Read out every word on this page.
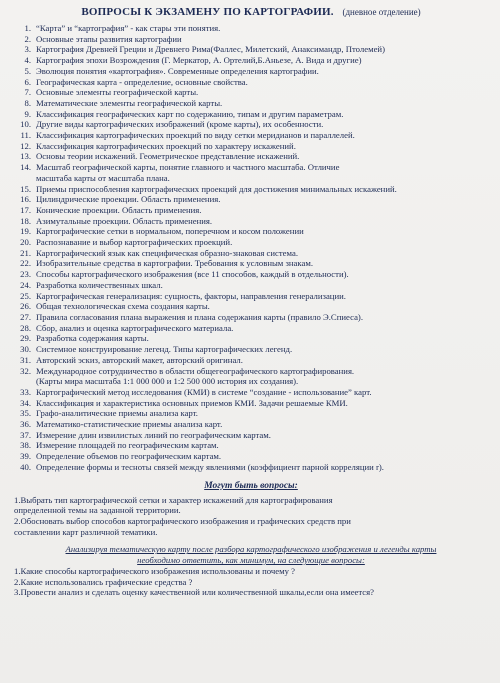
ВОПРОСЫ К ЭКЗАМЕНУ ПО КАРТОГРАФИИ. (дневное отделение)
1. “Карта” и “картография” - как стары эти понятия.
2. Основные этапы развития картографии
3. Картография Древней Греции и Древнего Рима(Фаллес, Милетский, Анаксимандр, Птолемей)
4. Картография эпохи Возрождения (Г. Меркатор, А. Ортелий,Б.Аньезе, А. Вида и другие)
5. Эволюция понятия «картография». Современные определения картографии.
6. Географическая карта - определение, основные свойства.
7. Основные элементы географической карты.
8. Математические элементы географической карты.
9. Классификация географических карт по содержанию, типам и другим параметрам.
10. Другие виды картографических изображений (кроме карты), их особенности.
11. Классификация картографических проекций по виду сетки меридианов и параллелей.
12. Классификация картографических проекций по характеру искажений.
13. Основы теории искажений. Геометрическое представление искажений.
14. Масштаб географической карты, понятие главного и частного масштаба. Отличие
масштаба карты от масштаба плана.
15. Приемы приспособления картографических проекций для достижения минимальных искажений.
16. Цилиндрические проекции. Область применения.
17. Конические проекции. Область применения.
18. Азимутальные проекции. Область применения.
19. Картографические сетки в нормальном, поперечном и косом положении
20. Распознавание и выбор картографических проекций.
21. Картографический язык как специфическая образно-знаковая система.
22. Изобразительные средства в картографии. Требования к условным знакам.
23. Способы картографического изображения (все 11 способов, каждый в отдельности).
24. Разработка количественных шкал.
25. Картографическая генерализация: сущность, факторы, направления генерализации.
26. Общая технологическая схема создания карты.
27. Правила согласования плана выражения и плана содержания карты (правило Э.Спиеса).
28. Сбор, анализ и оценка картографического материала.
29. Разработка содержания карты.
30. Системное конструирование легенд. Типы картографических легенд.
31. Авторский эскиз, авторский макет, авторский оригинал.
32. Международное сотрудничество в области общегеографического картографирования.
(Карты мира масштаба 1:1 000 000 и 1:2 500 000 история их создания).
33. Картографический метод исследования (КМИ) в системе “создание - использование” карт.
34. Классификация и характеристика основных приемов КМИ. Задачи решаемые КМИ.
35. Графо-аналитические приемы анализа карт.
36. Математико-статистические приемы анализа карт.
37. Измерение длин извилистых линий по географическим картам.
38. Измерение площадей по географическим картам.
39. Определение объемов по географическим картам.
40. Определение формы и тесноты связей между явлениями (коэффициент парной корреляции r).
Могут быть вопросы:
1.Выбрать тип картографической сетки и характер искажений для картографирования
определенной темы на заданной территории.
2.Обосновать выбор способов картографического изображения и графических средств при
составлении карт различной тематики.
Анализируя тематическую карту после разбора картографического изображения и легенды карты
необходимо ответить, как минимум, на следующие вопросы:
1.Какие способы картографического изображения использованы и почему ?
2.Какие использовались графические средства ?
3.Провести анализ и сделать оценку качественной или количественной шкалы,если она имеется?
